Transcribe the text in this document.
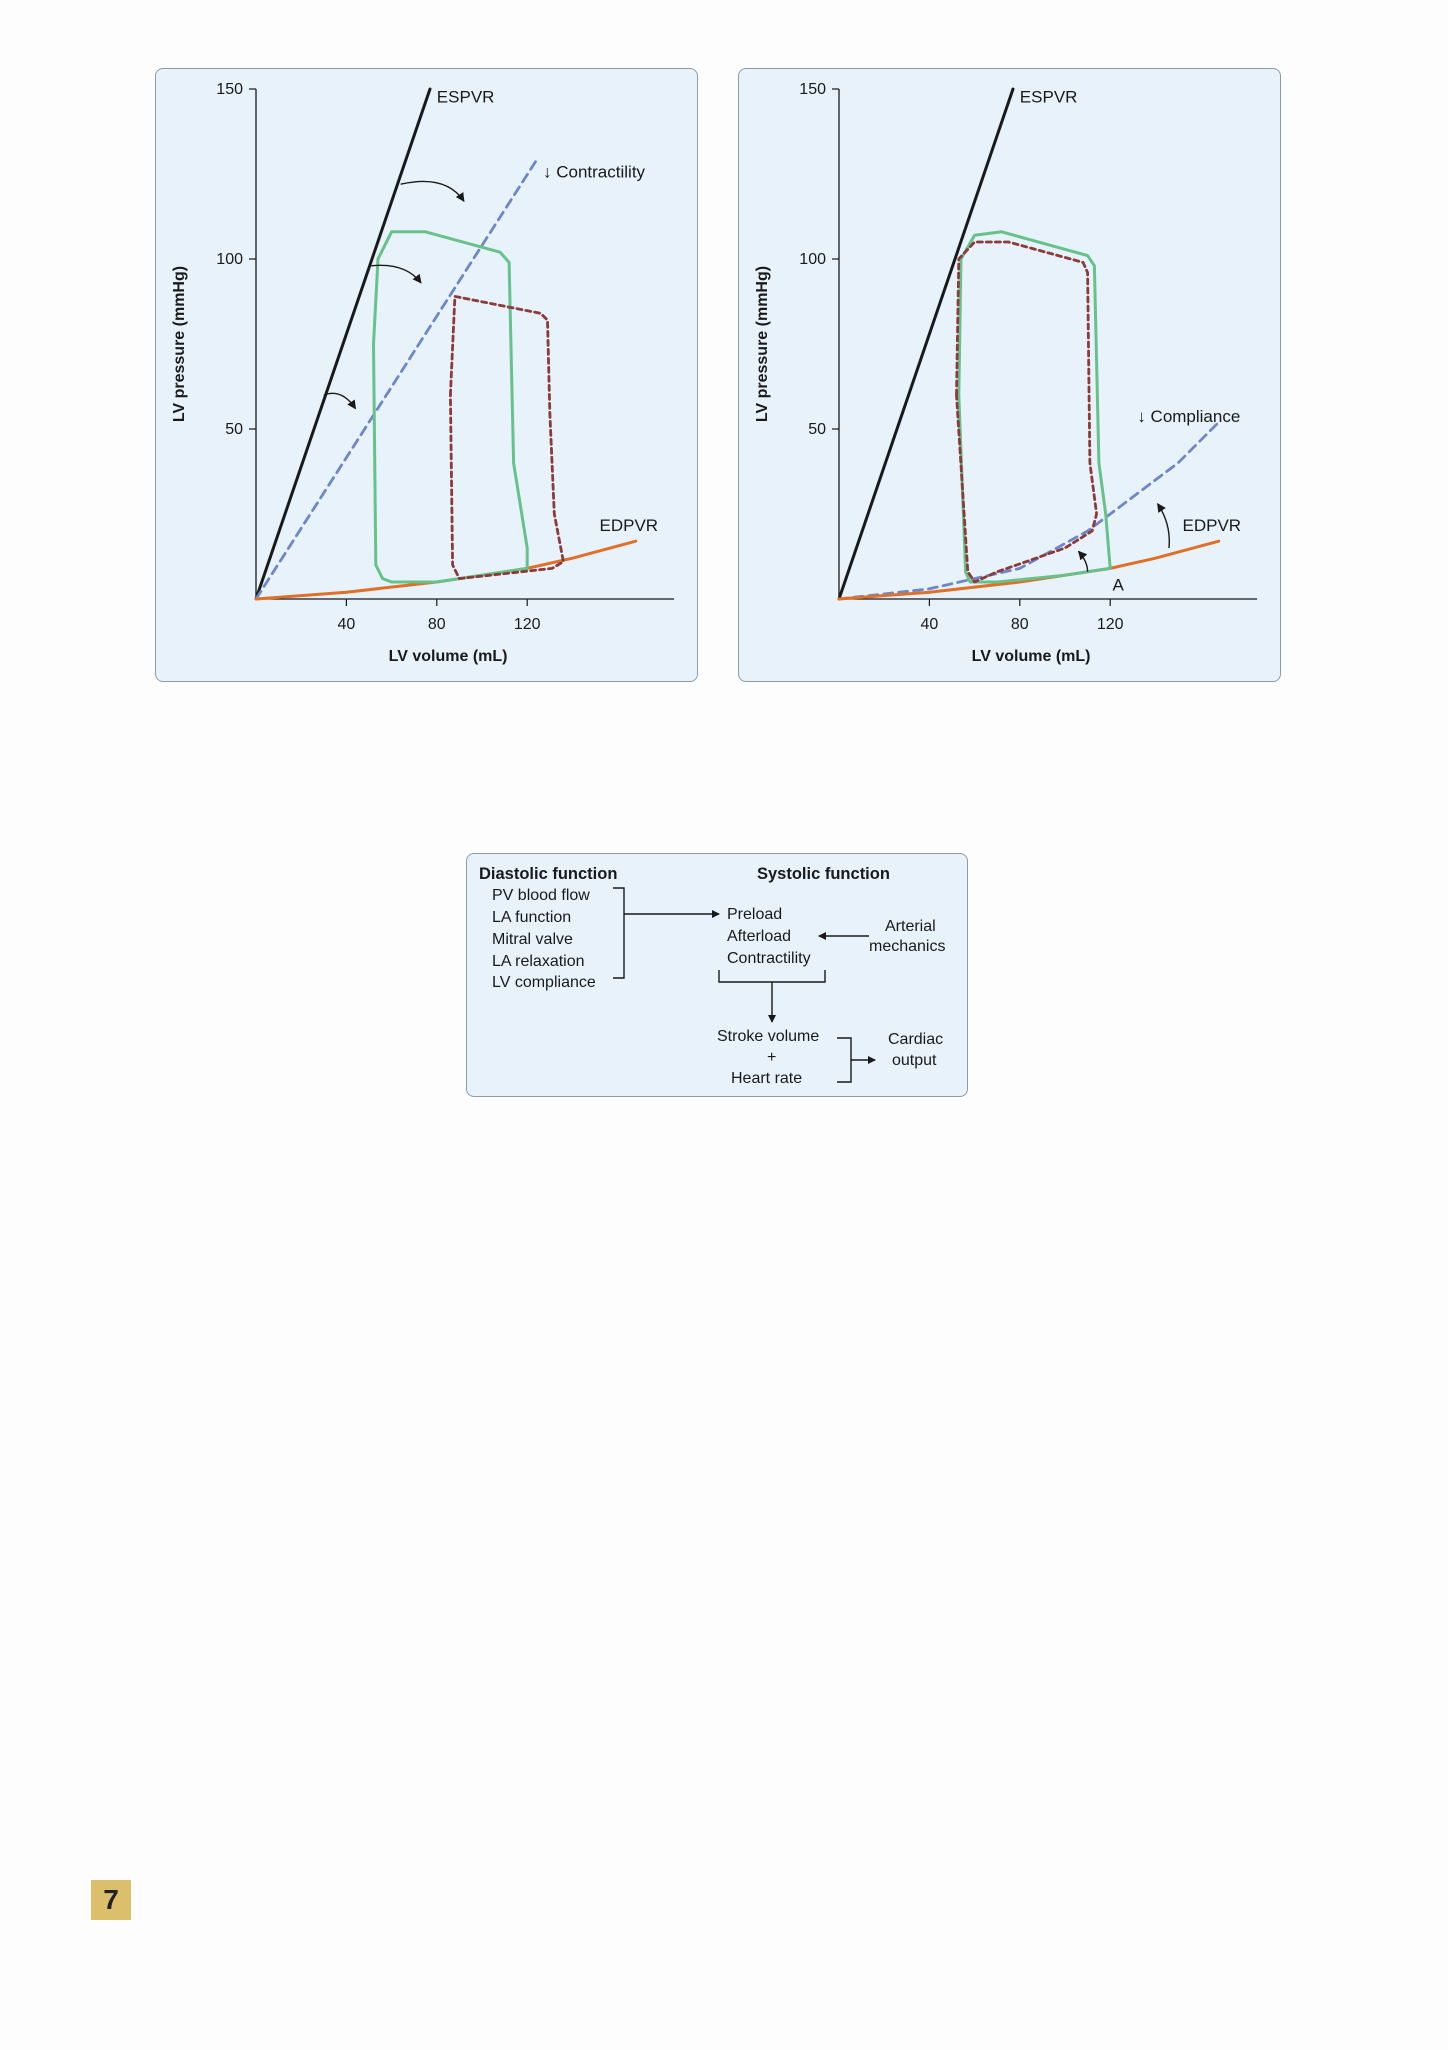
50
100
150
40	80	120
LV volume (mL)
LV pressure (mmHg)
ESPVR
↓ Contractility
EDPVR
50
100
150
40	80	120
LV volume (mL)
LV pressure (mmHg)
ESPVR
↓ Compliance
EDPVR
A
Diastolic function	Systolic function
PV blood flow
LA function
Mitral valve
LA relaxation
LV compliance
Preload
Afterload
Contractility
Arterial
mechanics
Stroke volume
+
Heart rate
Cardiac
output
7
